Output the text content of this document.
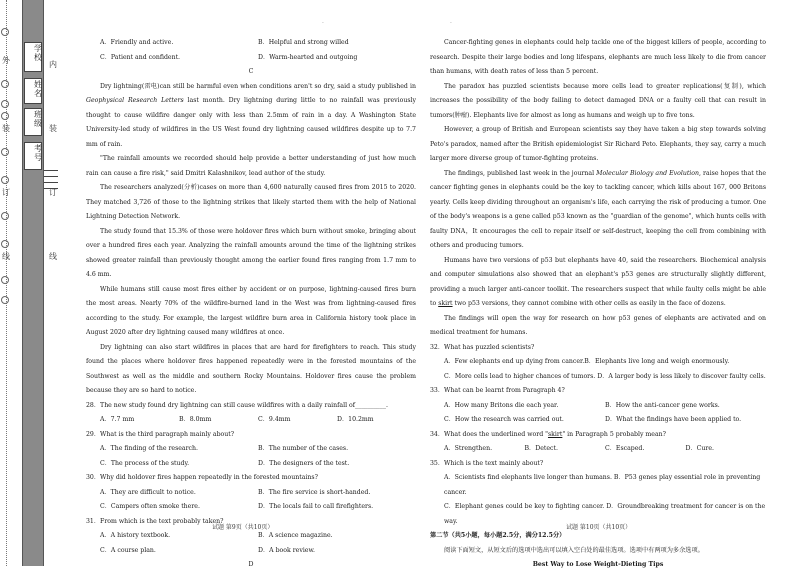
外
装
订
线
内
装
订
线
学校
姓名
班级
考号
·	·
A．Friendly and active.	B．Helpful and strong willed
C．Patient and confident.	D．Warm-hearted and outgoing

C

Dry lightning(雷电)can still be harmful even when conditions aren't so dry, said a study published in Geophysical Research Letters last month. Dry lightning during little to no rainfall was previously thought to cause wildfire danger only with less than 2.5mm of rain in a day. A Washington State University-led study of wildfires in the US West found dry lightning caused wildfires despite up to 7.7 mm of rain.

"The rainfall amounts we recorded should help provide a better understanding of just how much rain can cause a fire risk," said Dmitri Kalashnikov, lead author of the study.

The researchers analyzed(分析)cases on more than 4,600 naturally caused fires from 2015 to 2020. They matched 3,726 of those to the lightning strikes that likely started them with the help of National Lightning Detection Network.

The study found that 15.3% of those were holdover fires which burn without smoke, bringing about over a hundred fires each year. Analyzing the rainfall amounts around the time of the lightning strikes showed greater rainfall than previously thought among the earlier found fires ranging from 1.7 mm to 4.6 mm.

While humans still cause most fires either by accident or on purpose, lightning-caused fires burn the most areas. Nearly 70% of the wildfire-burned land in the West was from lightning-caused fires according to the study. For example, the largest wildfire burn area in California history took place in August 2020 after dry lightning caused many wildfires at once.

Dry lightning can also start wildfires in places that are hard for firefighters to reach. This study found the places where holdover fires happened repeatedly were in the forested mountains of the Southwest as well as the middle and southern Rocky Mountains. Holdover fires cause the problem because they are so hard to notice.

28．The new study found dry lightning can still cause wildfires with a daily rainfall of__________.

A．7.7 mm	B．8.0mm	C．9.4mm	D．10.2mm

29．What is the third paragraph mainly about?

A．The finding of the research.	B．The number of the cases.
C．The process of the study.	D．The designers of the test.

30．Why did holdover fires happen repeatedly in the forested mountains?

A．They are difficult to notice.	B．The fire service is short-handed.
C．Campers often smoke there.	D．The locals fail to call firefighters.

31．From which is the text probably taken?

A．A history textbook.	B．A science magazine.
C．A course plan.	D．A book review.

D

试题 第9页（共10页）

Cancer-fighting genes in elephants could help tackle one of the biggest killers of people, according to research. Despite their large bodies and long lifespans, elephants are much less likely to die from cancer than humans, with death rates of less than 5 percent.

The paradox has puzzled scientists because more cells lead to greater replications(复制), which increases the possibility of the body failing to detect damaged DNA or a faulty cell that can result in tumors(肿瘤). Elephants live for almost as long as humans and weigh up to five tons.

However, a group of British and European scientists say they have taken a big step towards solving Peto's paradox, named after the British epidemiologist Sir Richard Peto. Elephants, they say, carry a much larger more diverse group of tumor-fighting proteins.

The findings, published last week in the journal Molecular Biology and Evolution, raise hopes that the cancer fighting genes in elephants could be the key to tackling cancer, which kills about 167, 000 Britons yearly. Cells keep dividing throughout an organism's life, each carrying the risk of producing a tumor. One of the body's weapons is a gene called p53 known as the "guardian of the genome", which hunts cells with faulty DNA，It encourages the cell to repair itself or self-destruct, keeping the cell from combining with others and producing tumors.

Humans have two versions of p53 but elephants have 40, said the researchers. Biochemical analysis and computer simulations also showed that an elephant's p53 genes are structurally slightly different, providing a much larger anti-cancer toolkit. The researchers suspect that while faulty cells might be able to skirt two p53 versions, they cannot combine with other cells as easily in the face of dozens.

The findings will open the way for research on how p53 genes of elephants are activated and on medical treatment for humans.

32．What has puzzled scientists?

A．Few elephants end up dying from cancer.B．Elephants live long and weigh enormously.

C．More cells lead to higher chances of tumors. D．A larger body is less likely to discover faulty cells.

33．What can be learnt from Paragraph 4?

A．How many Britons die each year.	B．How the anti-cancer gene works.
C．How the research was carried out.	D．What the findings have been applied to.

34．What does the underlined word "skirt" in Paragraph 5 probably mean?

A．Strengthen.	B．Detect.	C．Escaped.	D．Cure.

35．Which is the text mainly about?

A．Scientists find elephants live longer than humans. B．P53 genes play essential role in preventing cancer.

C．Elephant genes could be key to fighting cancer. D．Groundbreaking treatment for cancer is on the way.

第二节（共5小题，每小题2.5分，满分12.5分）

阅读下面短文，从短文后的选项中选出可以填入空白处的最佳选项。选项中有两项为多余选项。

Best Way to Lose Weight-Dieting Tips

试题 第10页（共10页）
